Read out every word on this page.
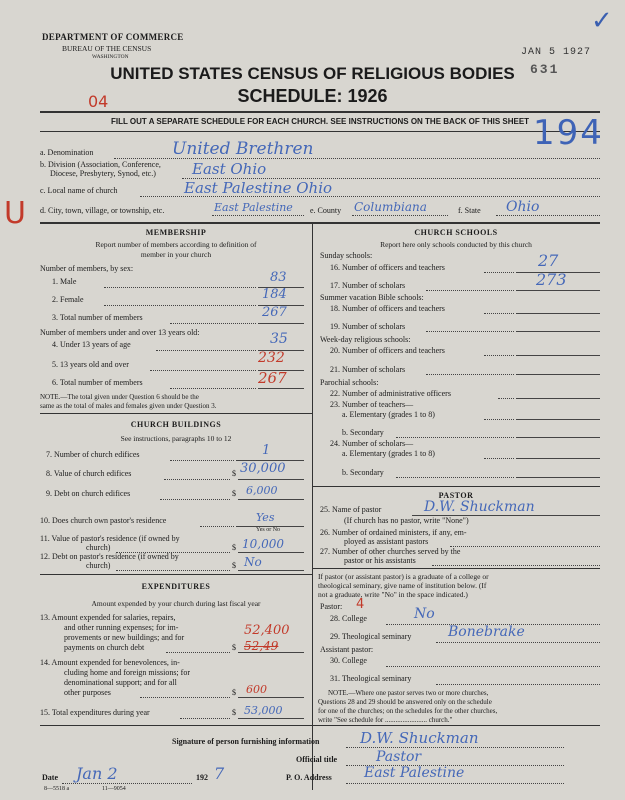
DEPARTMENT OF COMMERCE
BUREAU OF THE CENSUS
WASHINGTON	JAN 5 1927
631
✓
UNITED STATES CENSUS OF RELIGIOUS BODIES
SCHEDULE: 1926
04
FILL OUT A SEPARATE SCHEDULE FOR EACH CHURCH. SEE INSTRUCTIONS ON THE BACK OF THIS SHEET 194
U
a. Denomination	United Brethren
b. Division (Association, Conference,
Diocese, Presbytery, Synod, etc.) East Ohio
c. Local name of church	East Palestine Ohio
d. City, town, village, or township, etc.	East Palestine e. County Columbiana	f. State Ohio
MEMBERSHIP
Report number of members according to definition of
member in your church
Number of members, by sex:
1. Male	83
2. Female	184
3. Total number of members	267
Number of members under and over 13 years old:
4. Under 13 years of age	35
5. 13 years old and over	232
6. Total number of members	267
NOTE.—The total given under Question 6 should be the
same as the total of males and females given under Question 3.
CHURCH BUILDINGS
See instructions, paragraphs 10 to 12
7. Number of church edifices	1
8. Value of church edifices	$ 30,000
9. Debt on church edifices	$ 6,000
10. Does church own pastor's residence	Yes
Yes or No
11. Value of pastor's residence (if owned by
church)	$ 10,000
12. Debt on pastor's residence (if owned by
church)	$ No
EXPENDITURES
Amount expended by your church during last fiscal year
13. Amount expended for salaries, repairs,
and other running expenses; for im-
provements or new buildings; and for
payments on church debt	$
52,400
52,49
14. Amount expended for benevolences, in-
cluding home and foreign missions; for
denominational support; and for all
other purposes	$ 600
15. Total expenditures during year	$ 53,000
CHURCH SCHOOLS
Report here only schools conducted by this church
Sunday schools:
16. Number of officers and teachers	27
17. Number of scholars	273
Summer vacation Bible schools:
18. Number of officers and teachers
19. Number of scholars
Week-day religious schools:
20. Number of officers and teachers
21. Number of scholars
Parochial schools:
22. Number of administrative officers
23. Number of teachers—
a. Elementary (grades 1 to 8)
b. Secondary
24. Number of scholars—
a. Elementary (grades 1 to 8)
b. Secondary
PASTOR
25. Name of pastor	D.W. Shuckman
(If church has no pastor, write "None")
26. Number of ordained ministers, if any, em-
ployed as assistant pastors
27. Number of other churches served by the
pastor or his assistants
If pastor (or assistant pastor) is a graduate of a college or
theological seminary, give name of institution below. (If
not a graduate, write "No" in the space indicated.)
Pastor: 4
28. College	No
29. Theological seminary	Bonebrake
Assistant pastor:
30. College
31. Theological seminary
NOTE.—Where one pastor serves two or more churches,
Questions 28 and 29 should be answered only on the schedule
for one of the churches; on the schedules for the other churches,
write "See schedule for ........................ church."
Signature of person furnishing information	D.W. Shuckman
Official title	Pastor
Date Jan 2	192 7	P. O. Address East Palestine
8—5518 a	11—9054
